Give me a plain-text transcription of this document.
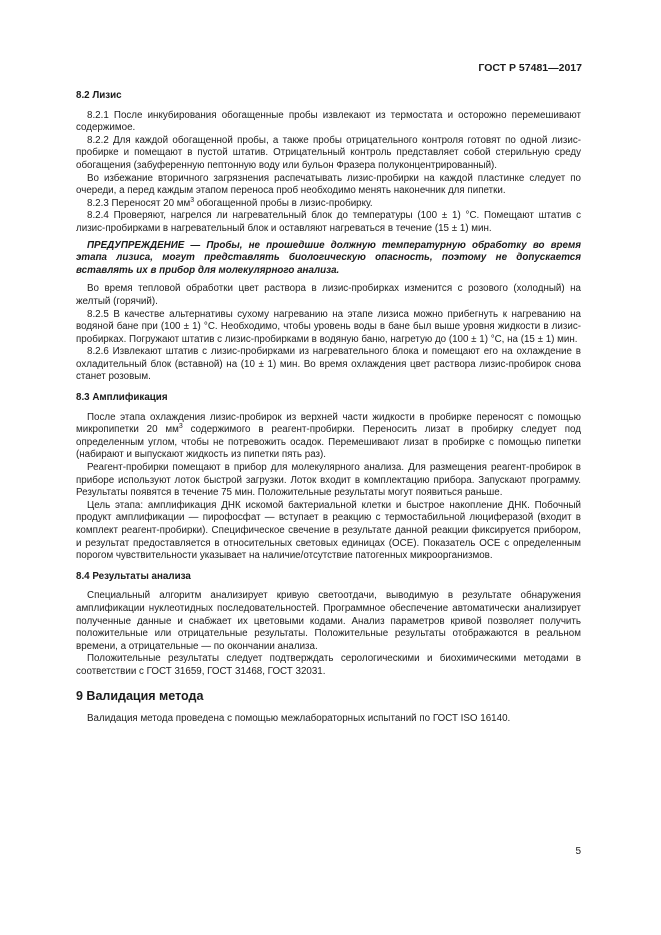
ГОСТ Р 57481—2017
8.2 Лизис

8.2.1 После инкубирования обогащенные пробы извлекают из термостата и осторожно перемешивают содержимое.

8.2.2 Для каждой обогащенной пробы, а также пробы отрицательного контроля готовят по одной лизис-пробирке и помещают в пустой штатив. Отрицательный контроль представляет собой стерильную среду обогащения (забуференную пептонную воду или бульон Фразера полуконцентрированный).

Во избежание вторичного загрязнения распечатывать лизис-пробирки на каждой пластинке следует по очереди, а перед каждым этапом переноса проб необходимо менять наконечник для пипетки.

8.2.3 Переносят 20 $мм^3$ обогащенной пробы в лизис-пробирку.

8.2.4 Проверяют, нагрелся ли нагревательный блок до температуры (100 ± 1) °С. Помещают штатив с лизис-пробирками в нагревательный блок и оставляют нагреваться в течение (15 ± 1) мин.

ПРЕДУПРЕЖДЕНИЕ — Пробы, не прошедшие должную температурную обработку во время этапа лизиса, могут представлять биологическую опасность, поэтому не допускается вставлять их в прибор для молекулярного анализа.

Во время тепловой обработки цвет раствора в лизис-пробирках изменится с розового (холодный) на желтый (горячий).

8.2.5 В качестве альтернативы сухому нагреванию на этапе лизиса можно прибегнуть к нагреванию на водяной бане при (100 ± 1) °С. Необходимо, чтобы уровень воды в бане был выше уровня жидкости в лизис-пробирках. Погружают штатив с лизис-пробирками в водяную баню, нагретую до (100 ± 1) °С, на (15 ± 1) мин.

8.2.6 Извлекают штатив с лизис-пробирками из нагревательного блока и помещают его на охлаждение в охладительный блок (вставной) на (10 ± 1) мин. Во время охлаждения цвет раствора лизис-пробирок снова станет розовым.

8.3 Амплификация

После этапа охлаждения лизис-пробирок из верхней части жидкости в пробирке переносят с помощью микропипетки 20 $мм^3$ содержимого в реагент-пробирки. Переносить лизат в пробирку следует под определенным углом, чтобы не потревожить осадок. Перемешивают лизат в пробирке с помощью пипетки (набирают и выпускают жидкость из пипетки пять раз).

Реагент-пробирки помещают в прибор для молекулярного анализа. Для размещения реагент-пробирок в приборе используют лоток быстрой загрузки. Лоток входит в комплектацию прибора. Запускают программу. Результаты появятся в течение 75 мин. Положительные результаты могут появиться раньше.

Цель этапа: амплификация ДНК искомой бактериальной клетки и быстрое накопление ДНК. Побочный продукт амплификации — пирофосфат — вступает в реакцию с термостабильной люциферазой (входит в комплект реагент-пробирки). Специфическое свечение в результате данной реакции фиксируется прибором, и результат предоставляется в относительных световых единицах (ОСЕ). Показатель ОСЕ с определенным порогом чувствительности указывает на наличие/отсутствие патогенных микроорганизмов.

8.4 Результаты анализа

Специальный алгоритм анализирует кривую светоотдачи, выводимую в результате обнаружения амплификации нуклеотидных последовательностей. Программное обеспечение автоматически анализирует полученные данные и снабжает их цветовыми кодами. Анализ параметров кривой позволяет получить положительные или отрицательные результаты. Положительные результаты отображаются в реальном времени, а отрицательные — по окончании анализа.

Положительные результаты следует подтверждать серологическими и биохимическими методами в соответствии с ГОСТ 31659, ГОСТ 31468, ГОСТ 32031.

9 Валидация метода

Валидация метода проведена с помощью межлабораторных испытаний по ГОСТ ISO 16140.

5
